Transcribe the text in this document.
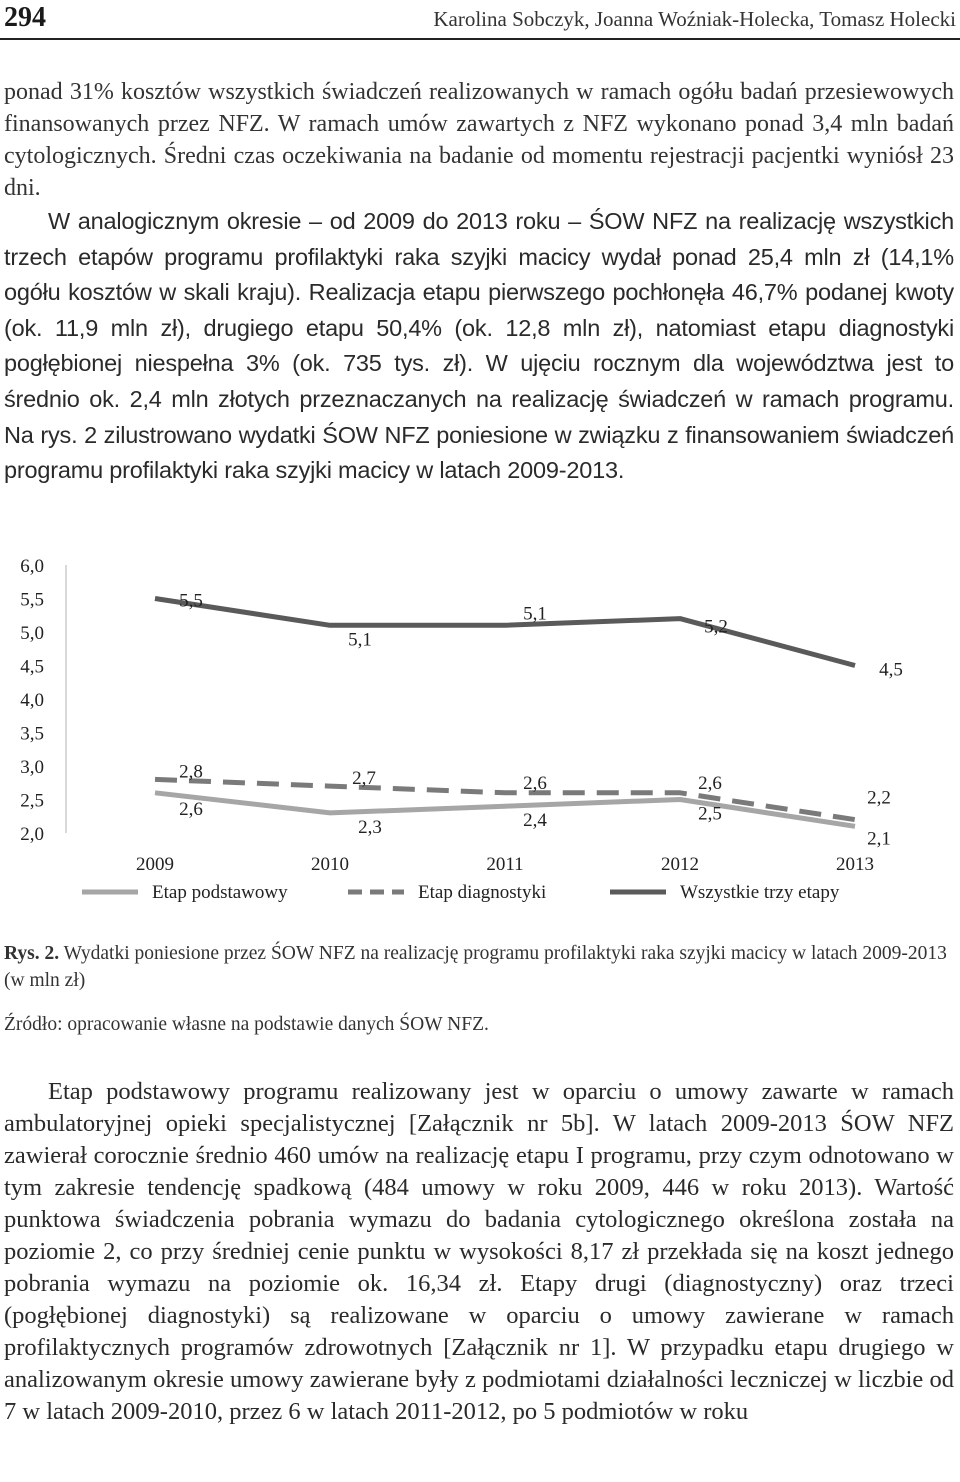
294	Karolina Sobczyk, Joanna Woźniak-Holecka, Tomasz Holecki

ponad 31% kosztów wszystkich świadczeń realizowanych w ramach ogółu badań przesiewowych finansowanych przez NFZ. W ramach umów zawartych z NFZ wykonano ponad 3,4 mln badań cytologicznych. Średni czas oczekiwania na badanie od momentu rejestracji pacjentki wyniósł 23 dni.

W analogicznym okresie – od 2009 do 2013 roku – ŚOW NFZ na realizację wszystkich trzech etapów programu profilaktyki raka szyjki macicy wydał ponad 25,4 mln zł (14,1% ogółu kosztów w skali kraju). Realizacja etapu pierwszego pochłonęła 46,7% podanej kwoty (ok. 11,9 mln zł), drugiego etapu 50,4% (ok. 12,8 mln zł), natomiast etapu diagnostyki pogłębionej niespełna 3% (ok. 735 tys. zł). W ujęciu rocznym dla województwa jest to średnio ok. 2,4 mln złotych przeznaczanych na realizację świadczeń w ramach programu. Na rys. 2 zilustrowano wydatki ŚOW NFZ poniesione w związku z finansowaniem świadczeń programu profilaktyki raka szyjki macicy w latach 2009-2013.

6,0
5,5
5,0
4,5
4,0
3,5
3,0
2,5
2,0
2009	2010	2011	2012	2013
2,6
2,3	2,4	2,5
2,1
2,8	2,7	2,6	2,6
2,2
5,5
5,1
5,1
5,2
4,5
Etap podstawowy	Etap diagnostyki	Wszystkie trzy etapy
Rys. 2. Wydatki poniesione przez ŚOW NFZ na realizację programu profilaktyki raka szyjki macicy w latach 2009-2013 (w mln zł)
Źródło: opracowanie własne na podstawie danych ŚOW NFZ.

Etap podstawowy programu realizowany jest w oparciu o umowy zawarte w ramach ambulatoryjnej opieki specjalistycznej [Załącznik nr 5b]. W latach 2009-2013 ŚOW NFZ zawierał corocznie średnio 460 umów na realizację etapu I programu, przy czym odnotowano w tym zakresie tendencję spadkową (484 umowy w roku 2009, 446 w roku 2013). Wartość punktowa świadczenia pobrania wymazu do badania cytologicznego określona została na poziomie 2, co przy średniej cenie punktu w wysokości 8,17 zł przekłada się na koszt jednego pobrania wymazu na poziomie ok. 16,34 zł. Etapy drugi (diagnostyczny) oraz trzeci (pogłębionej diagnostyki) są realizowane w oparciu o umowy zawierane w ramach profilaktycznych programów zdrowotnych [Załącznik nr 1]. W przypadku etapu drugiego w analizowanym okresie umowy zawierane były z podmiotami działalności leczniczej w liczbie od 7 w latach 2009-2010, przez 6 w latach 2011-2012, po 5 podmiotów w roku
